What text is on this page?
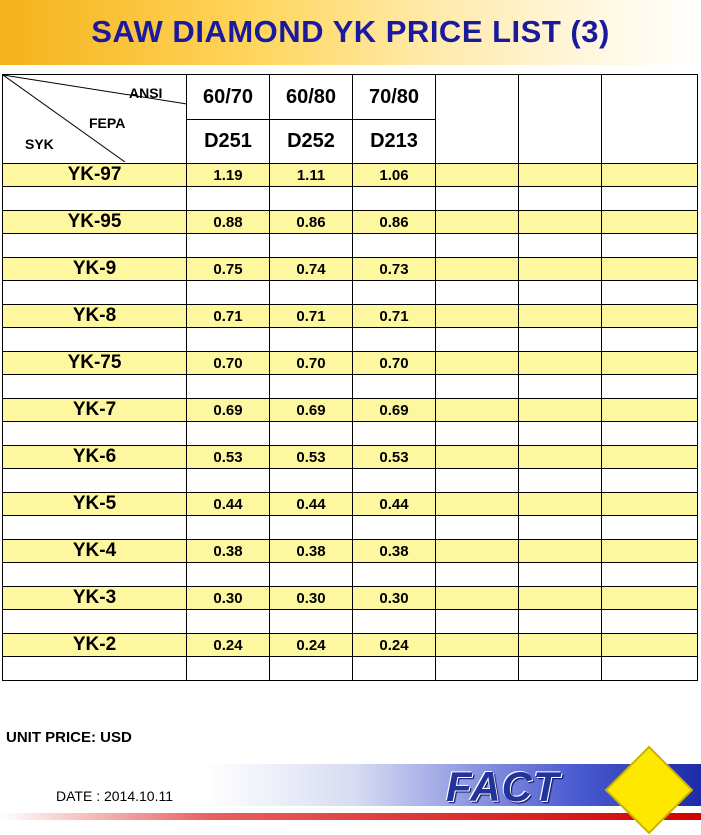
SAW DIAMOND YK PRICE LIST (3)
ANSI
FEPA
SYK	60/70	60/80	70/80			
	D251	D252	D213			
YK-97	1.19	1.11	1.06			

YK-95	0.88	0.86	0.86			

YK-9	0.75	0.74	0.73			

YK-8	0.71	0.71	0.71			

YK-75	0.70	0.70	0.70			

YK-7	0.69	0.69	0.69			

YK-6	0.53	0.53	0.53			

YK-5	0.44	0.44	0.44			

YK-4	0.38	0.38	0.38			

YK-3	0.30	0.30	0.30			

YK-2	0.24	0.24	0.24			

UNIT PRICE: USD
DATE : 2014.10.11	FACT
